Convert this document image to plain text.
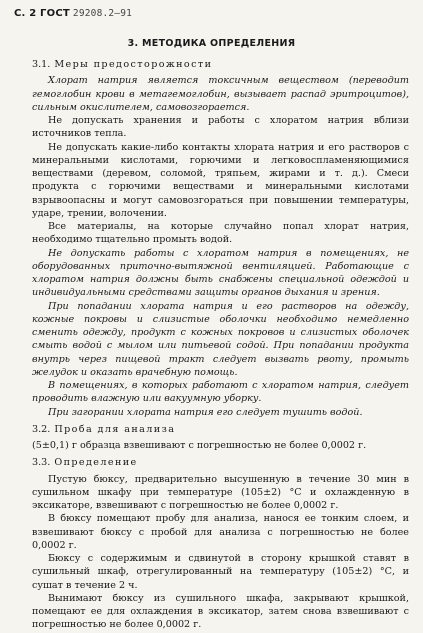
С. 2 ГОСТ 29208.2—91
3. МЕТОДИКА ОПРЕДЕЛЕНИЯ

3.1. Меры предосторожности

Хлорат натрия является токсичным веществом (переводит гемоглобин крови в метагемоглобин, вызывает распад эритроцитов), сильным окислителем, самовозгорается.

Не допускать хранения и работы с хлоратом натрия вблизи источников тепла.

Не допускать какие-либо контакты хлората натрия и его растворов с минеральными кислотами, горючими и легковоспламеняющимися веществами (деревом, соломой, тряпьем, жирами и т. д.). Смеси продукта с горючими веществами и минеральными кислотами взрывоопасны и могут самовозгораться при повышении температуры, ударе, трении, волочении.

Все материалы, на которые случайно попал хлорат натрия, необходимо тщательно промыть водой.

Не допускать работы с хлоратом натрия в помещениях, не оборудованных приточно-вытяжной вентиляцией. Работающие с хлоратом натрия должны быть снабжены специальной одеждой и индивидуальными средствами защиты органов дыхания и зрения.

При попадании хлората натрия и его растворов на одежду, кожные покровы и слизистые оболочки необходимо немедленно сменить одежду, продукт с кожных покровов и слизистых оболочек смыть водой с мылом или питьевой содой. При попадании продукта внутрь через пищевой тракт следует вызвать рвоту, промыть желудок и оказать врачебную помощь.

В помещениях, в которых работают с хлоратом натрия, следует проводить влажную или вакуумную уборку.

При загорании хлората натрия его следует тушить водой.

3.2. Проба для анализа

(5±0,1) г образца взвешивают с погрешностью не более 0,0002 г.

3.3. Определение

Пустую бюксу, предварительно высушенную в течение 30 мин в сушильном шкафу при температуре (105±2) °С и охлажденную в эксикаторе, взвешивают с погрешностью не более 0,0002 г.

В бюксу помещают пробу для анализа, нанося ее тонким слоем, и взвешивают бюксу с пробой для анализа с погрешностью не более 0,0002 г.

Бюксу с содержимым и сдвинутой в сторону крышкой ставят в сушильный шкаф, отрегулированный на температуру (105±2) °С, и сушат в течение 2 ч.

Вынимают бюксу из сушильного шкафа, закрывают крышкой, помещают ее для охлаждения в эксикатор, затем снова взвешивают с погрешностью не более 0,0002 г.
